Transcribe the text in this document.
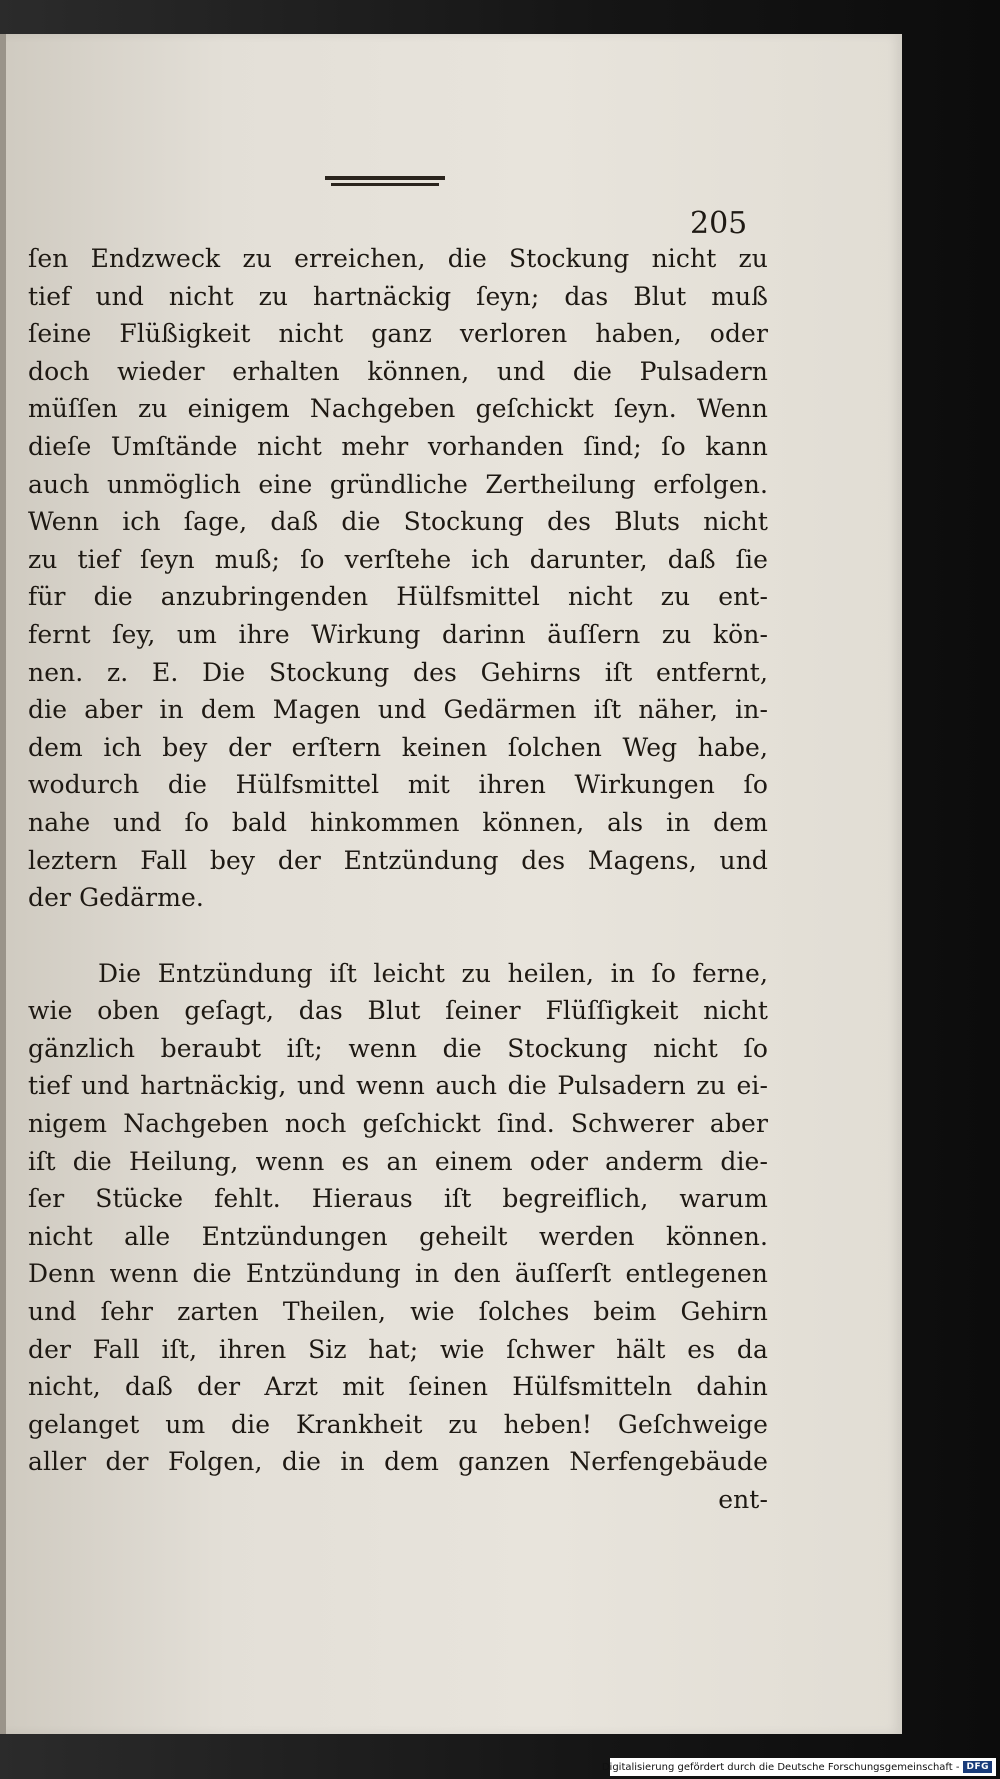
205
ſen Endzweck zu erreichen, die Stockung nicht zu
tief und nicht zu hartnäckig ſeyn; das Blut muß
ſeine Flüßigkeit nicht ganz verloren haben, oder
doch wieder erhalten können, und die Pulsadern
müſſen zu einigem Nachgeben geſchickt ſeyn. Wenn
dieſe Umſtände nicht mehr vorhanden ſind; ſo kann
auch unmöglich eine gründliche Zertheilung erfolgen.
Wenn ich ſage, daß die Stockung des Bluts nicht
zu tief ſeyn muß; ſo verſtehe ich darunter, daß ſie
für die anzubringenden Hülfsmittel nicht zu ent-
fernt ſey, um ihre Wirkung darinn äuſſern zu kön-
nen. z. E. Die Stockung des Gehirns iſt entfernt,
die aber in dem Magen und Gedärmen iſt näher, in-
dem ich bey der erſtern keinen ſolchen Weg habe,
wodurch die Hülfsmittel mit ihren Wirkungen ſo
nahe und ſo bald hinkommen können, als in dem
leztern Fall bey der Entzündung des Magens, und
der Gedärme.
Die Entzündung iſt leicht zu heilen, in ſo ferne,
wie oben geſagt, das Blut ſeiner Flüſſigkeit nicht
gänzlich beraubt iſt; wenn die Stockung nicht ſo
tief und hartnäckig, und wenn auch die Pulsadern zu ei-
nigem Nachgeben noch geſchickt ſind. Schwerer aber
iſt die Heilung, wenn es an einem oder anderm die-
ſer Stücke fehlt. Hieraus iſt begreiflich, warum
nicht alle Entzündungen geheilt werden können.
Denn wenn die Entzündung in den äuſſerſt entlegenen
und ſehr zarten Theilen, wie ſolches beim Gehirn
der Fall iſt, ihren Siz hat; wie ſchwer hält es da
nicht, daß der Arzt mit ſeinen Hülfsmitteln dahin
gelanget um die Krankheit zu heben! Geſchweige
aller der Folgen, die in dem ganzen Nerfengebäude
ent-
Digitalisierung gefördert durch die Deutsche Forschungsgemeinschaft - DFG
